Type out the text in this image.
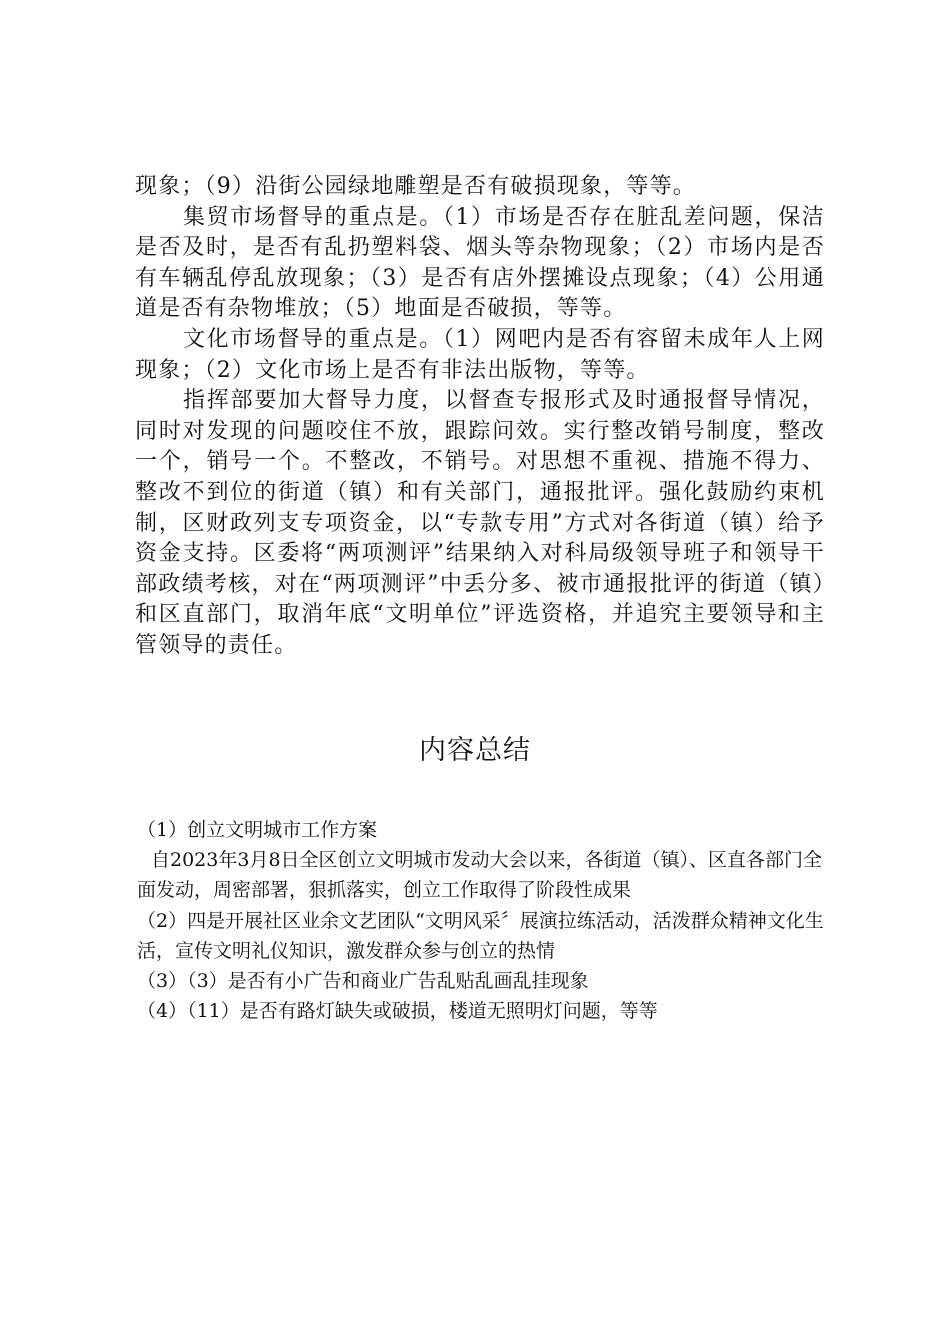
现象；（9）沿街公园绿地雕塑是否有破损现象，等等。

集贸市场督导的重点是。（1）市场是否存在脏乱差问题，保洁是否及时，是否有乱扔塑料袋、烟头等杂物现象；（2）市场内是否有车辆乱停乱放现象；（3）是否有店外摆摊设点现象；（4）公用通道是否有杂物堆放；（5）地面是否破损，等等。

文化市场督导的重点是。（1）网吧内是否有容留未成年人上网现象；（2）文化市场上是否有非法出版物，等等。

指挥部要加大督导力度，以督查专报形式及时通报督导情况，同时对发现的问题咬住不放，跟踪问效。实行整改销号制度，整改一个，销号一个。不整改，不销号。对思想不重视、措施不得力、整改不到位的街道（镇）和有关部门，通报批评。强化鼓励约束机制，区财政列支专项资金，以“专款专用”方式对各街道（镇）给予资金支持。区委将“两项测评”结果纳入对科局级领导班子和领导干部政绩考核，对在“两项测评”中丢分多、被市通报批评的街道（镇）和区直部门，取消年底“文明单位”评选资格，并追究主要领导和主管领导的责任。

内容总结

（1）创立文明城市工作方案

自2023年3月8日全区创立文明城市发动大会以来，各街道（镇）、区直各部门全面发动，周密部署，狠抓落实，创立工作取得了阶段性成果

（2）四是开展社区业余文艺团队“文明风采〞展演拉练活动，活泼群众精神文化生活，宣传文明礼仪知识，激发群众参与创立的热情

（3）（3）是否有小广告和商业广告乱贴乱画乱挂现象

（4）（11）是否有路灯缺失或破损，楼道无照明灯问题，等等
